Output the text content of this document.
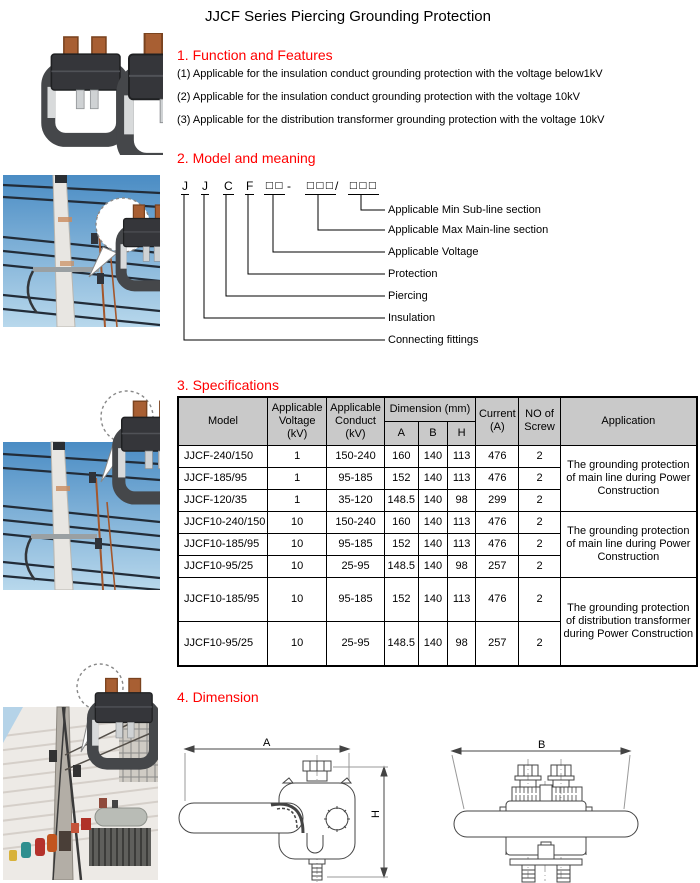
JJCF Series Piercing Grounding Protection
1. Function and Features
(1) Applicable for the insulation conduct grounding protection with the voltage below1kV
(2) Applicable for the insulation conduct grounding protection with the voltage 10kV
(3) Applicable for the distribution transformer grounding protection with the voltage 10kV
2. Model and meaning
J J C F □□ - □□□ / □□□
Applicable Min Sub-line section
Applicable Max Main-line section
Applicable Voltage
Protection
Piercing
Insulation
Connecting fittings
3. Specifications
Model	Applicable Voltage (kV)	Applicable Conduct (kV)	Dimension (mm)			Current (A)	NO of Screw	Application
			A	B	H			
JJCF-240/150	1	150-240	160	140	113	476	2	The grounding protection of main line during Power Construction
JJCF-185/95	1	95-185	152	140	113	476	2	
JJCF-120/35	1	35-120	148.5	140	98	299	2	
JJCF10-240/150	10	150-240	160	140	113	476	2	The grounding protection of main line during Power Construction
JJCF10-185/95	10	95-185	152	140	113	476	2	
JJCF10-95/25	10	25-95	148.5	140	98	257	2	
JJCF10-185/95	10	95-185	152	140	113	476	2	The grounding protection of distribution transformer during Power Construction
JJCF10-95/25	10	25-95	148.5	140	98	257	2	
4. Dimension
A
H
B
